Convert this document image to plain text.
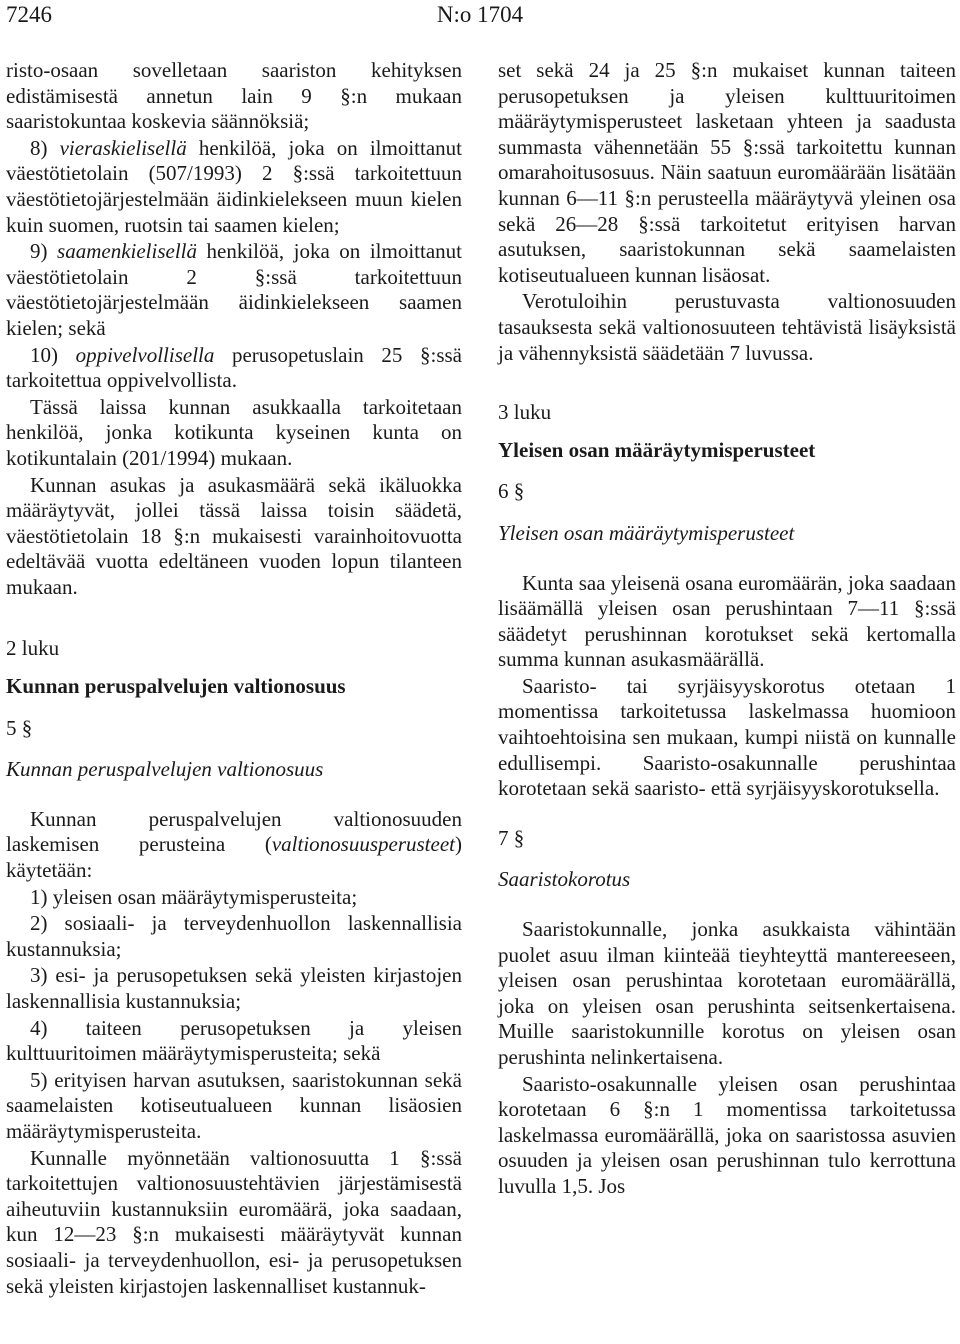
7246	N:o 1704

risto-osaan sovelletaan saariston kehityksen edistämisestä annetun lain 9 §:n mukaan saaristokuntaa koskevia säännöksiä;

8) vieraskielisellä henkilöä, joka on ilmoittanut väestötietolain (507/1993) 2 §:ssä tarkoitettuun väestötietojärjestelmään äidinkielekseen muun kielen kuin suomen, ruotsin tai saamen kielen;

9) saamenkielisellä henkilöä, joka on ilmoittanut väestötietolain 2 §:ssä tarkoitettuun väestötietojärjestelmään äidinkielekseen saamen kielen; sekä

10) oppivelvollisella perusopetuslain 25 §:ssä tarkoitettua oppivelvollista.

Tässä laissa kunnan asukkaalla tarkoitetaan henkilöä, jonka kotikunta kyseinen kunta on kotikuntalain (201/1994) mukaan.

Kunnan asukas ja asukasmäärä sekä ikäluokka määräytyvät, jollei tässä laissa toisin säädetä, väestötietolain 18 §:n mukaisesti varainhoitovuotta edeltävää vuotta edeltäneen vuoden lopun tilanteen mukaan.

2 luku

Kunnan peruspalvelujen valtionosuus

5 §

Kunnan peruspalvelujen valtionosuus

Kunnan peruspalvelujen valtionosuuden laskemisen perusteina (valtionosuusperusteet) käytetään:

1) yleisen osan määräytymisperusteita;

2) sosiaali- ja terveydenhuollon laskennallisia kustannuksia;

3) esi- ja perusopetuksen sekä yleisten kirjastojen laskennallisia kustannuksia;

4) taiteen perusopetuksen ja yleisen kulttuuritoimen määräytymisperusteita; sekä

5) erityisen harvan asutuksen, saaristokunnan sekä saamelaisten kotiseutualueen kunnan lisäosien määräytymisperusteita.

Kunnalle myönnetään valtionosuutta 1 §:ssä tarkoitettujen valtionosuustehtävien järjestämisestä aiheutuviin kustannuksiin euromäärä, joka saadaan, kun 12—23 §:n mukaisesti määräytyvät kunnan sosiaali- ja terveydenhuollon, esi- ja perusopetuksen sekä yleisten kirjastojen laskennalliset kustannuk-

set sekä 24 ja 25 §:n mukaiset kunnan taiteen perusopetuksen ja yleisen kulttuuritoimen määräytymisperusteet lasketaan yhteen ja saadusta summasta vähennetään 55 §:ssä tarkoitettu kunnan omarahoitusosuus. Näin saatuun euromäärään lisätään kunnan 6—11 §:n perusteella määräytyvä yleinen osa sekä 26—28 §:ssä tarkoitetut erityisen harvan asutuksen, saaristokunnan sekä saamelaisten kotiseutualueen kunnan lisäosat.

Verotuloihin perustuvasta valtionosuuden tasauksesta sekä valtionosuuteen tehtävistä lisäyksistä ja vähennyksistä säädetään 7 luvussa.

3 luku

Yleisen osan määräytymisperusteet

6 §

Yleisen osan määräytymisperusteet

Kunta saa yleisenä osana euromäärän, joka saadaan lisäämällä yleisen osan perushintaan 7—11 §:ssä säädetyt perushinnan korotukset sekä kertomalla summa kunnan asukasmäärällä.

Saaristo- tai syrjäisyyskorotus otetaan 1 momentissa tarkoitetussa laskelmassa huomioon vaihtoehtoisina sen mukaan, kumpi niistä on kunnalle edullisempi. Saaristo-osakunnalle perushintaa korotetaan sekä saaristo- että syrjäisyyskorotuksella.

7 §

Saaristokorotus

Saaristokunnalle, jonka asukkaista vähintään puolet asuu ilman kiinteää tieyhteyttä mantereeseen, yleisen osan perushintaa korotetaan euromäärällä, joka on yleisen osan perushinta seitsenkertaisena. Muille saaristokunnille korotus on yleisen osan perushinta nelinkertaisena.

Saaristo-osakunnalle yleisen osan perushintaa korotetaan 6 §:n 1 momentissa tarkoitetussa laskelmassa euromäärällä, joka on saaristossa asuvien osuuden ja yleisen osan perushinnan tulo kerrottuna luvulla 1,5. Jos
